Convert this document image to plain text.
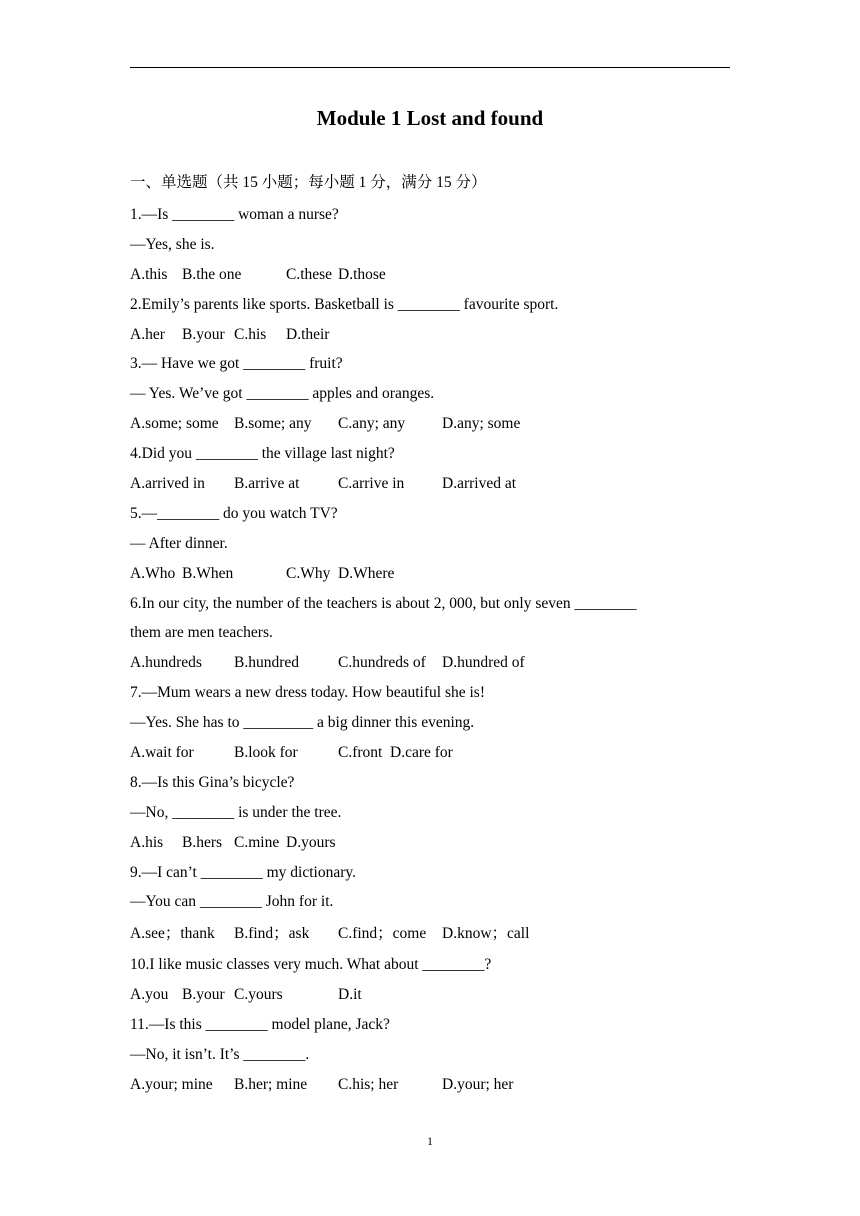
Module 1 Lost and found
一、单选题（共 15 小题；每小题 1 分，满分 15 分）
1.—Is ________ woman a nurse?
—Yes, she is.
A.this B.the one	C.these D.those
2.Emily’s parents like sports. Basketball is ________ favourite sport.
A.her	B.your C.his	D.their
3.— Have we got ________ fruit?
— Yes. We’ve got ________ apples and oranges.
A.some; some B.some; any	C.any; any	D.any; some
4.Did you ________ the village last night?
A.arrived in	B.arrive at	C.arrive in	D.arrived at
5.—________ do you watch TV?
— After dinner.
A.Who B.When	C.Why D.Where
6.In our city, the number of the teachers is about 2, 000, but only seven ________
them are men teachers.
A.hundreds	B.hundred	C.hundreds of	D.hundred of
7.—Mum wears a new dress today. How beautiful she is!
—Yes. She has to _________ a big dinner this evening.
A.wait for	B.look for	C.front D.care for
8.—Is this Gina’s bicycle?
—No, ________ is under the tree.
A.his	B.hers C.mine D.yours
9.—I can’t ________ my dictionary.
—You can ________ John for it.
A.see；thank	B.find；ask	C.find；come	D.know；call
10.I like music classes very much. What about ________?
A.you B.your C.yours	D.it
11.—Is this ________ model plane, Jack?
—No, it isn’t. It’s ________.
A.your; mine	B.her; mine	C.his; her	D.your; her
1
